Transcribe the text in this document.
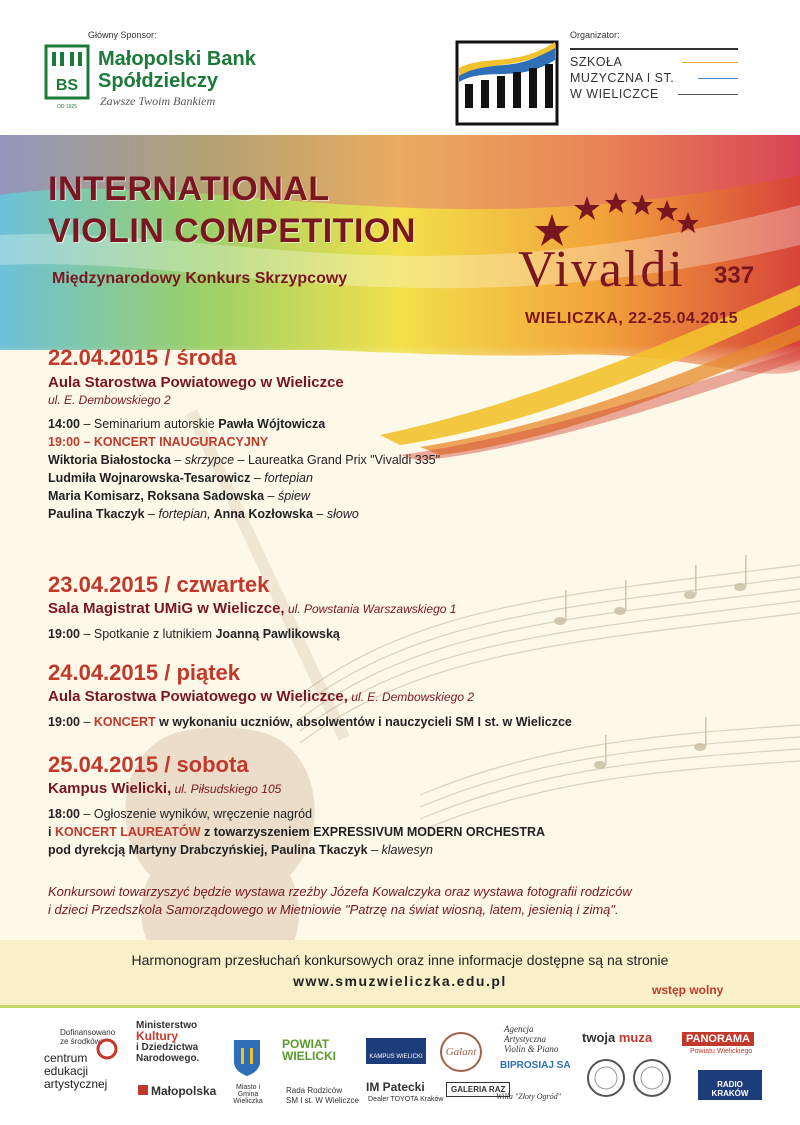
Główny Sponsor:
BS
OD 1925
Małopolski Bank
Spółdzielczy
Zawsze Twoim Bankiem
Organizator:
SZKOŁA
MUZYCZNA I ST.
W WIELICZCE
INTERNATIONAL
VIOLIN COMPETITION
Międzynarodowy Konkurs Skrzypcowy	Vivaldi 337
WIELICZKA, 22-25.04.2015
22.04.2015 / środa
Aula Starostwa Powiatowego w Wieliczce
ul. E. Dembowskiego 2
14:00 – Seminarium autorskie Pawła Wójtowicza
19:00 – KONCERT INAUGURACYJNY
Wiktoria Białostocka – skrzypce – Laureatka Grand Prix "Vivaldi 335"
Ludmiła Wojnarowska-Tesarowicz – fortepian
Maria Komisarz, Roksana Sadowska – śpiew
Paulina Tkaczyk – fortepian, Anna Kozłowska – słowo
23.04.2015 / czwartek
Sala Magistrat UMiG w Wieliczce, ul. Powstania Warszawskiego 1
19:00 – Spotkanie z lutnikiem Joanną Pawlikowską
24.04.2015 / piątek
Aula Starostwa Powiatowego w Wieliczce, ul. E. Dembowskiego 2
19:00 – KONCERT w wykonaniu uczniów, absolwentów i nauczycieli SM I st. w Wieliczce
25.04.2015 / sobota
Kampus Wielicki, ul. Piłsudskiego 105
18:00 – Ogłoszenie wyników, wręczenie nagród
i KONCERT LAUREATÓW z towarzyszeniem EXPRESSIVUM MODERN ORCHESTRA
pod dyrekcją Martyny Drabczyńskiej, Paulina Tkaczyk – klawesyn
Konkursowi towarzyszyć będzie wystawa rzeźby Józefa Kowalczyka oraz wystawa fotografii rodziców
i dzieci Przedszkola Samorządowego w Mietniowie "Patrzę na świat wiosną, latem, jesienią i zimą".
Harmonogram przesłuchań konkursowych oraz inne informacje dostępne są na stronie
www.smuzwieliczka.edu.pl
wstęp wolny
Dofinansowano
ze środków:
centrum
edukacji
artystycznej
Ministerstwo
Kultury
i Dziedzictwa
Narodowego.
Małopolska	Miasto i Gmina
Wieliczka
POWIAT
WIELICKI
Rada Rodziców
SM I st. W Wieliczce
KAMPUS WIELICKI
IM Patecki
Dealer TOYOTA Kraków
Galant
GALERIA RAZ
Agencja
Artystyczna
Violin & Piano
BIPROSIAJ SA
Willa "Złoty Ogród"
twoja muza	PANORAMA
Powiatu Wielickiego
RADIO KRAKÓW
